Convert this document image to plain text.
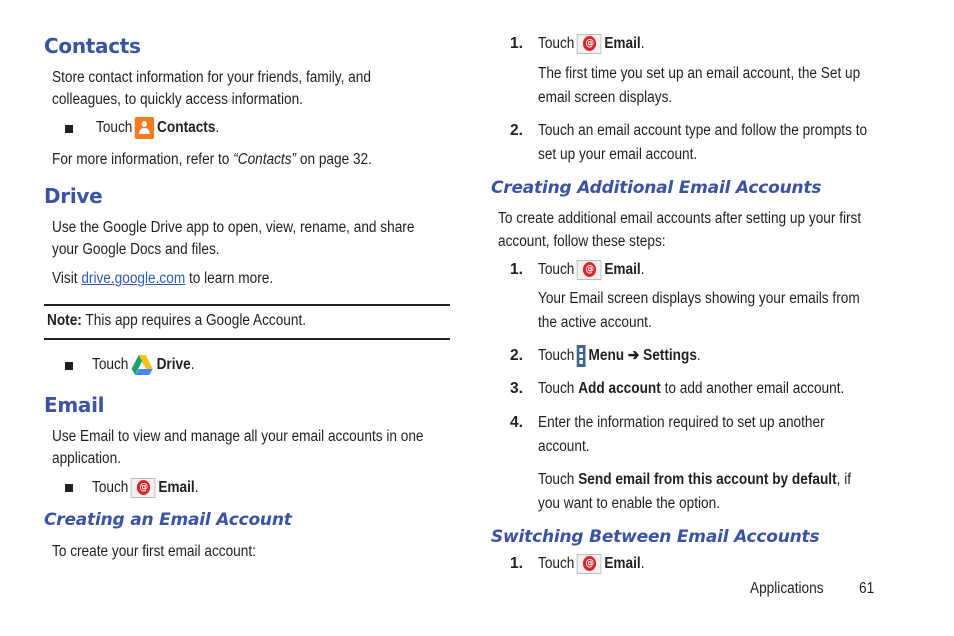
Contacts
Store contact information for your friends, family, and
colleagues, to quickly access information.
Touch Contacts.
For more information, refer to “Contacts” on page 32.
Drive
Use the Google Drive app to open, view, rename, and share
your Google Docs and files.
Visit drive.google.com to learn more.
Note: This app requires a Google Account.
Touch Drive.
Email
Use Email to view and manage all your email accounts in one
application.
Touch @ Email.
Creating an Email Account
To create your first email account:
1. Touch @ Email.
The first time you set up an email account, the Set up
email screen displays.
2. Touch an email account type and follow the prompts to
set up your email account.
Creating Additional Email Accounts
To create additional email accounts after setting up your first
account, follow these steps:
1. Touch @ Email.
Your Email screen displays showing your emails from
the active account.
2. Touch Menu ➔ Settings.
3. Touch Add account to add another email account.
4. Enter the information required to set up another
account.
Touch Send email from this account by default, if
you want to enable the option.
Switching Between Email Accounts
1. Touch @ Email.
Applications 61
